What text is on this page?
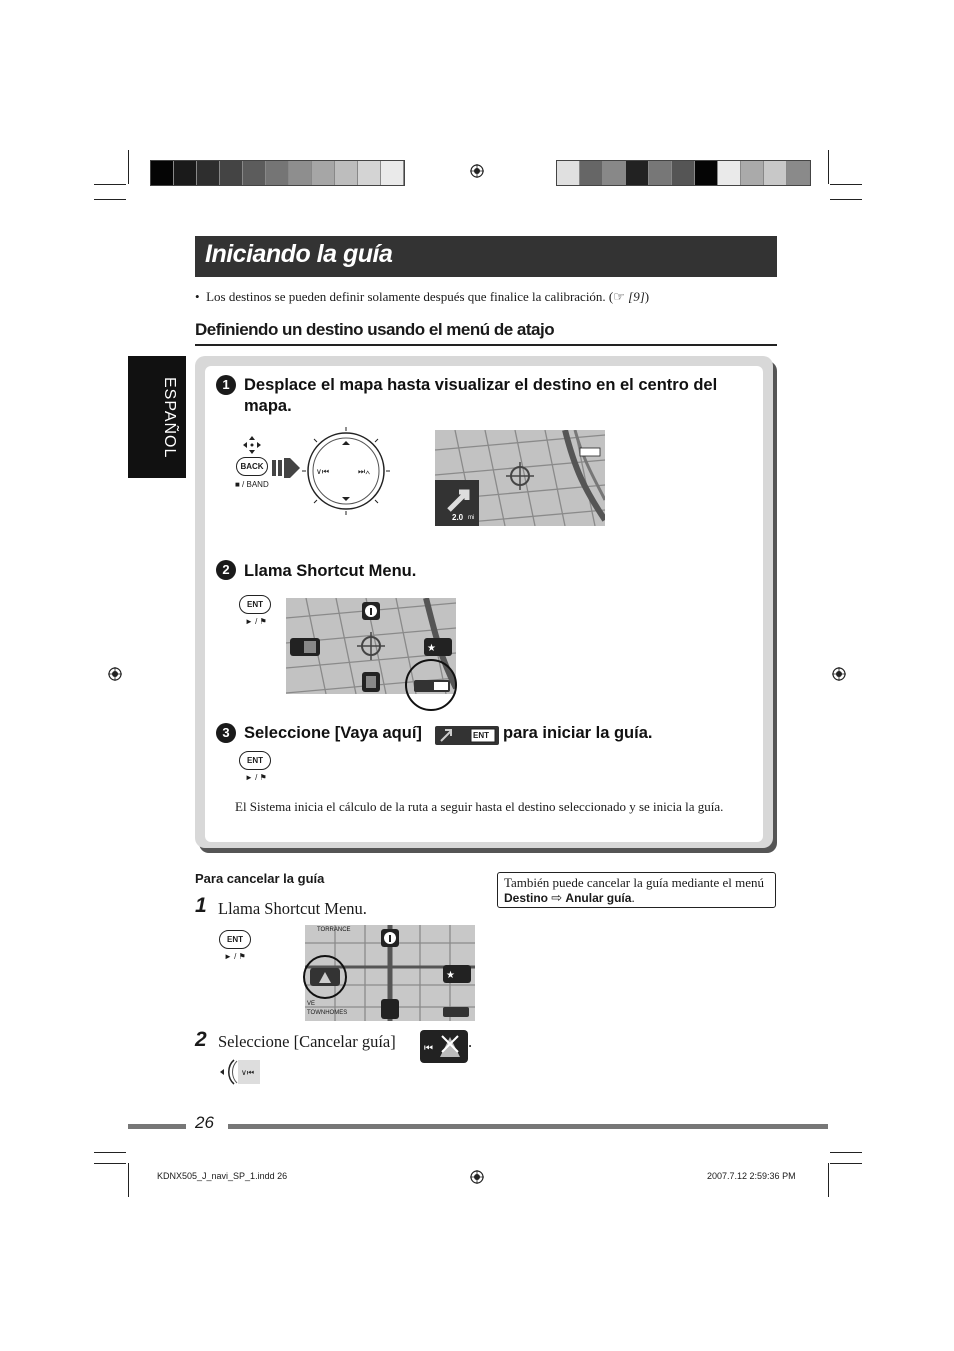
Iniciando la guía
ESPAÑOL
•  Los destinos se pueden definir solamente después que finalice la calibración. (☞ [9])
Definiendo un destino usando el menú de atajo
1 Desplace el mapa hasta visualizar el destino en el centro del mapa.
BACK
■ / BAND
∨⏮	⏭∧
2.0 mi
2 Llama Shortcut Menu.
ENT
► / ⚑
★
3 Seleccione [Vaya aquí]	ENT para iniciar la guía.
ENT
► / ⚑
El Sistema inicia el cálculo de la ruta a seguir hasta el destino seleccionado y se inicia la guía.
Para cancelar la guía	También puede cancelar la guía mediante el menú Destino ⇨ Anular guía.
1 Llama Shortcut Menu.
ENT
► / ⚑
★
TORRANCE
VE
TOWNHOMES
2 Seleccione [Cancelar guía]	⏮ .
∨⏮
26
KDNX505_J_navi_SP_1.indd 26	2007.7.12 2:59:36 PM
